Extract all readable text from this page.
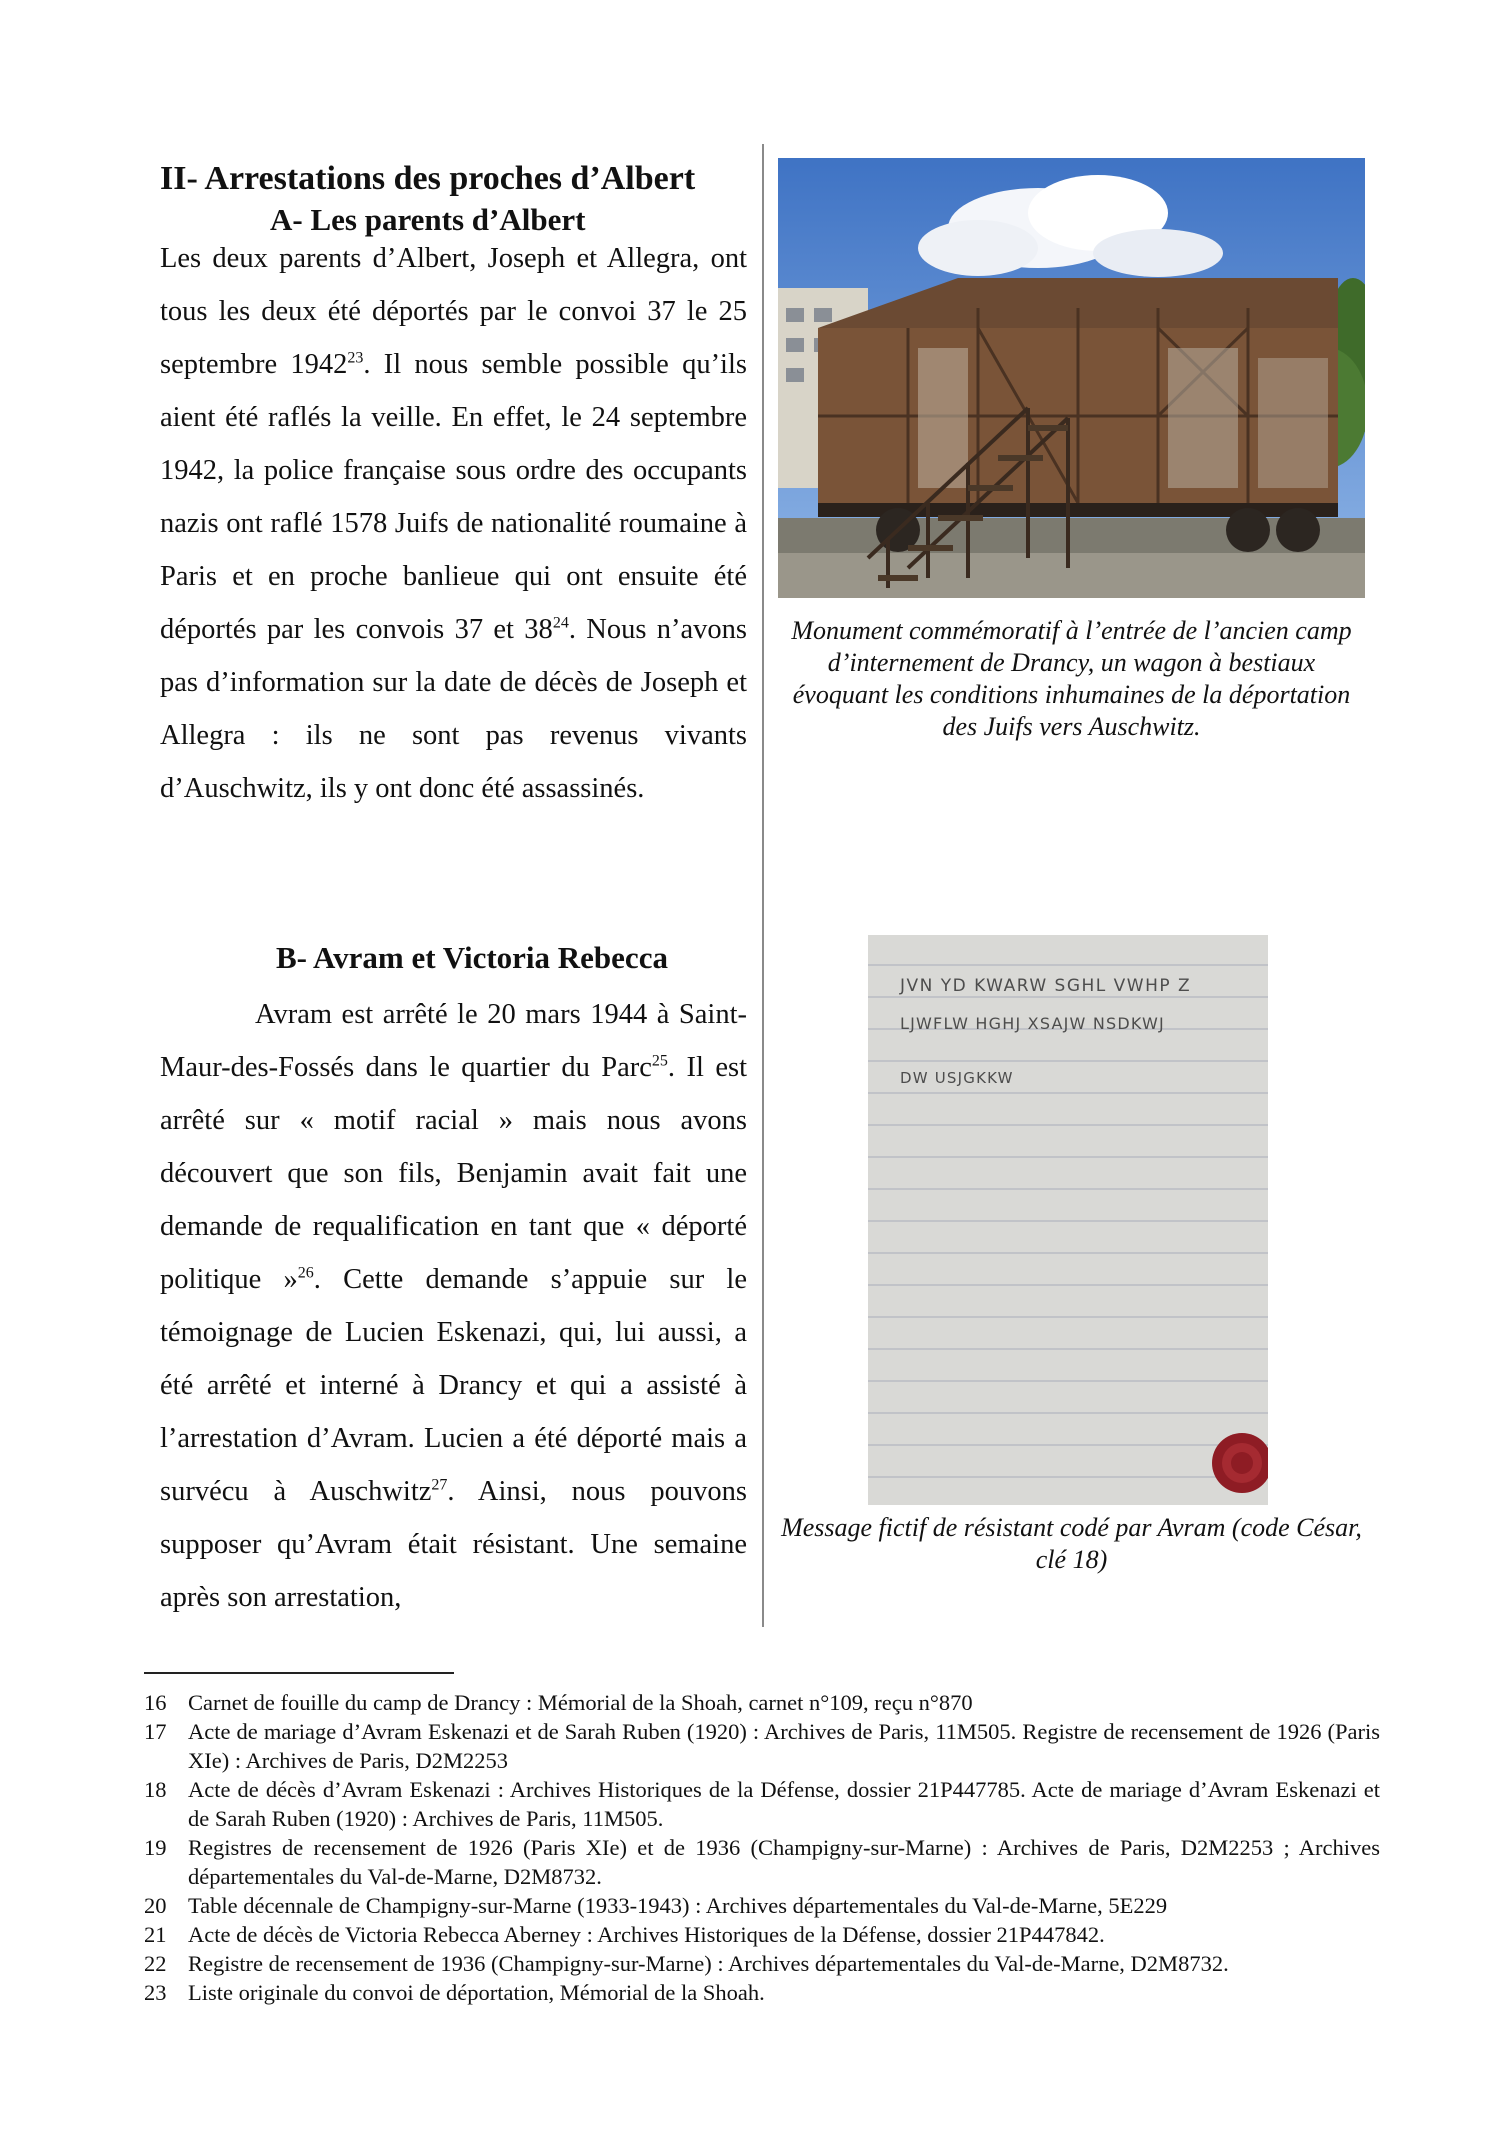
II- Arrestations des proches d’Albert
A- Les parents d’Albert

Les deux parents d’Albert, Joseph et Allegra, ont tous les deux été déportés par le convoi 37 le 25 septembre 1942$^{23}$. Il nous semble possible qu’ils aient été raflés la veille. En effet, le 24 septembre 1942, la police française sous ordre des occupants nazis ont raflé 1578 Juifs de nationalité roumaine à Paris et en proche banlieue qui ont ensuite été déportés par les convois 37 et $38^{24}$. Nous n’avons pas d’information sur la date de décès de Joseph et Allegra : ils ne sont pas revenus vivants d’Auschwitz, ils y ont donc été assassinés.

B- Avram et Victoria Rebecca

Avram est arrêté le 20 mars 1944 à Saint-Maur-des-Fossés dans le quartier du Parc$^{25}$. Il est arrêté sur « motif racial » mais nous avons découvert que son fils, Benjamin avait fait une demande de requalification en tant que « déporté politique »$^{26}$. Cette demande s’appuie sur le témoignage de Lucien Eskenazi, qui, lui aussi, a été arrêté et interné à Drancy et qui a assisté à l’arrestation d’Avram. Lucien a été déporté mais a survécu à Auschwitz$^{27}$. Ainsi, nous pouvons supposer qu’Avram était résistant. Une semaine après son arrestation,

Monument commémoratif à l’entrée de l’ancien camp d’internement de Drancy, un wagon à bestiaux évoquant les conditions inhumaines de la déportation des Juifs vers Auschwitz.
JVN YD KWARW SGHL VWHP Z
LJWFLW HGHJ XSAJW NSDKWJ
DW USJGKKW
Message fictif de résistant codé par Avram (code César, clé 18)
16 Carnet de fouille du camp de Drancy : Mémorial de la Shoah, carnet n°109, reçu n°870
17 Acte de mariage d’Avram Eskenazi et de Sarah Ruben (1920) : Archives de Paris, 11M505. Registre de recensement de 1926 (Paris XIe) : Archives de Paris, D2M2253
18 Acte de décès d’Avram Eskenazi : Archives Historiques de la Défense, dossier 21P447785. Acte de mariage d’Avram Eskenazi et de Sarah Ruben (1920) : Archives de Paris, 11M505.
19 Registres de recensement de 1926 (Paris XIe) et de 1936 (Champigny-sur-Marne) : Archives de Paris, D2M2253 ; Archives départementales du Val-de-Marne, D2M8732.
20 Table décennale de Champigny-sur-Marne (1933-1943) : Archives départementales du Val-de-Marne, 5E229
21 Acte de décès de Victoria Rebecca Aberney : Archives Historiques de la Défense, dossier 21P447842.
22 Registre de recensement de 1936 (Champigny-sur-Marne) : Archives départementales du Val-de-Marne, D2M8732.
23 Liste originale du convoi de déportation, Mémorial de la Shoah.
